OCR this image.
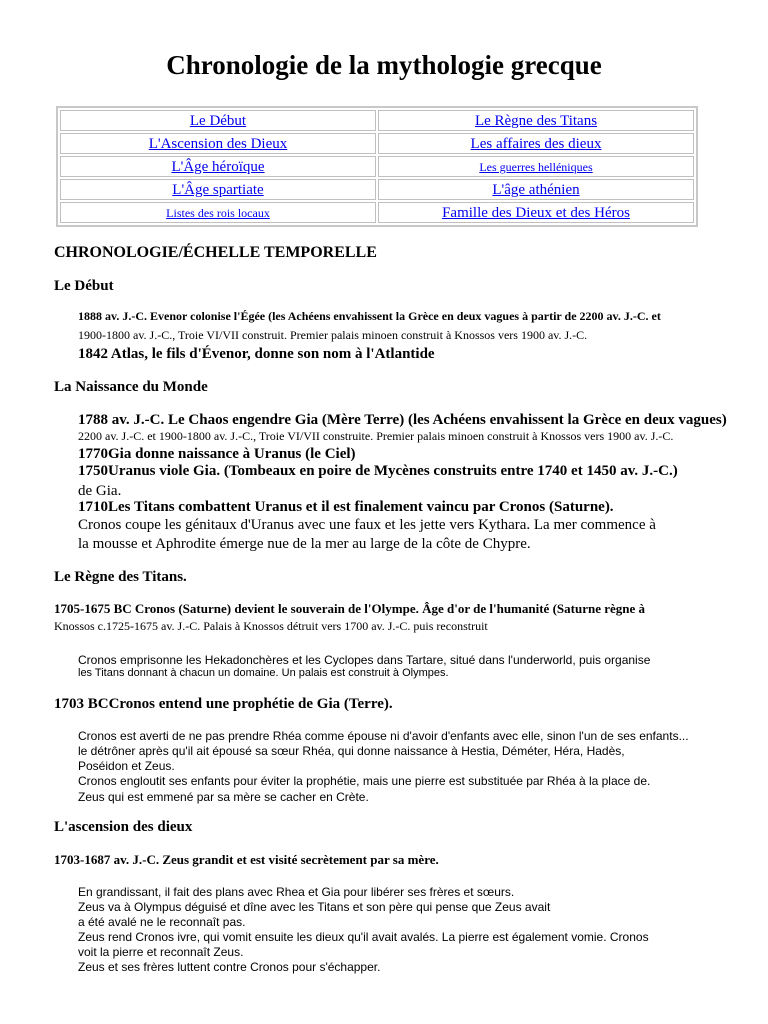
Chronologie de la mythologie grecque
Le Début	Le Règne des Titans
L'Ascension des Dieux	Les affaires des dieux
L'Âge héroïque	Les guerres helléniques
L'Âge spartiate	L'âge athénien
Listes des rois locaux	Famille des Dieux et des Héros
CHRONOLOGIE/ÉCHELLE TEMPORELLE
Le Début
1888 av. J.-C. Evenor colonise l'Égée (les Achéens envahissent la Grèce en deux vagues à partir de 2200 av. J.-C. et
1900-1800 av. J.-C., Troie VI/VII construit. Premier palais minoen construit à Knossos vers 1900 av. J.-C.
1842 Atlas, le fils d'Évenor, donne son nom à l'Atlantide
La Naissance du Monde
1788 av. J.-C. Le Chaos engendre Gia (Mère Terre) (les Achéens envahissent la Grèce en deux vagues)
2200 av. J.-C. et 1900-1800 av. J.-C., Troie VI/VII construite. Premier palais minoen construit à Knossos vers 1900 av. J.-C.
1770Gia donne naissance à Uranus (le Ciel)
1750Uranus viole Gia. (Tombeaux en poire de Mycènes construits entre 1740 et 1450 av. J.-C.)
de Gia.
1710Les Titans combattent Uranus et il est finalement vaincu par Cronos (Saturne).
Cronos coupe les génitaux d'Uranus avec une faux et les jette vers Kythara. La mer commence à
la mousse et Aphrodite émerge nue de la mer au large de la côte de Chypre.
Le Règne des Titans.
1705-1675 BC Cronos (Saturne) devient le souverain de l'Olympe. Âge d'or de l'humanité (Saturne règne à
Knossos c.1725-1675 av. J.-C. Palais à Knossos détruit vers 1700 av. J.-C. puis reconstruit
Cronos emprisonne les Hekadonchères et les Cyclopes dans Tartare, situé dans l'underworld, puis organise
les Titans donnant à chacun un domaine. Un palais est construit à Olympes.
1703 BCCronos entend une prophétie de Gia (Terre).
Cronos est averti de ne pas prendre Rhéa comme épouse ni d'avoir d'enfants avec elle, sinon l'un de ses enfants...
le détrôner après qu'il ait épousé sa sœur Rhéa, qui donne naissance à Hestia, Déméter, Héra, Hadès,
Poséidon et Zeus.
Cronos engloutit ses enfants pour éviter la prophétie, mais une pierre est substituée par Rhéa à la place de.
Zeus qui est emmené par sa mère se cacher en Crète.
L'ascension des dieux
1703-1687 av. J.-C. Zeus grandit et est visité secrètement par sa mère.
En grandissant, il fait des plans avec Rhea et Gia pour libérer ses frères et sœurs.
Zeus va à Olympus déguisé et dîne avec les Titans et son père qui pense que Zeus avait
a été avalé ne le reconnaît pas.
Zeus rend Cronos ivre, qui vomit ensuite les dieux qu'il avait avalés. La pierre est également vomie. Cronos
voit la pierre et reconnaît Zeus.
Zeus et ses frères luttent contre Cronos pour s'échapper.
